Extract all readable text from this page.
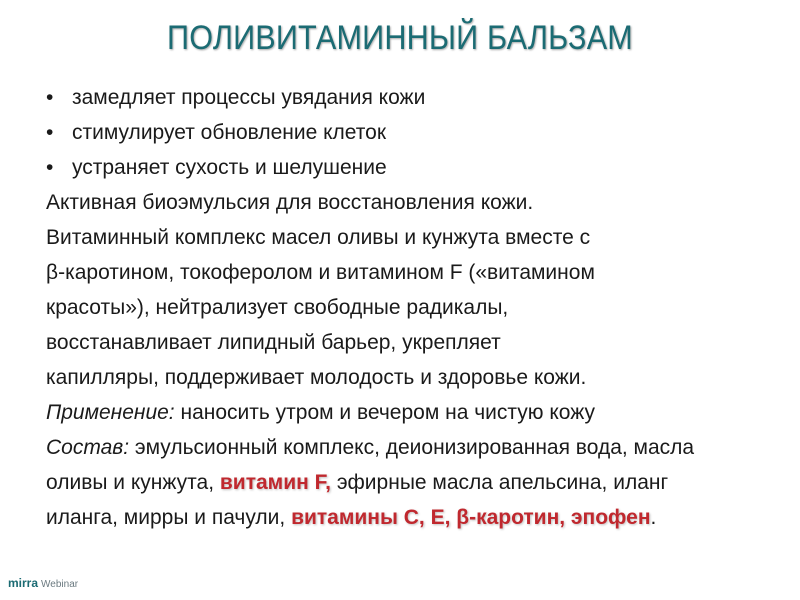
ПОЛИВИТАМИННЫЙ БАЛЬЗАМ
• замедляет процессы увядания кожи
• стимулирует обновление клеток
• устраняет сухость и шелушение
Активная биоэмульсия для восстановления кожи.
Витаминный комплекс масел оливы и кунжута вместе с
β-каротином, токоферолом и витамином F («витамином
красоты»), нейтрализует свободные радикалы,
восстанавливает липидный барьер, укрепляет
капилляры, поддерживает молодость и здоровье кожи.
Применение: наносить утром и вечером на чистую кожу
Состав: эмульсионный комплекс, деионизированная вода, масла
оливы и кунжута, витамин F, эфирные масла апельсина, иланг
иланга, мирры и пачули, витамины С, Е, β-каротин, эпофен.
mirra Webinar
